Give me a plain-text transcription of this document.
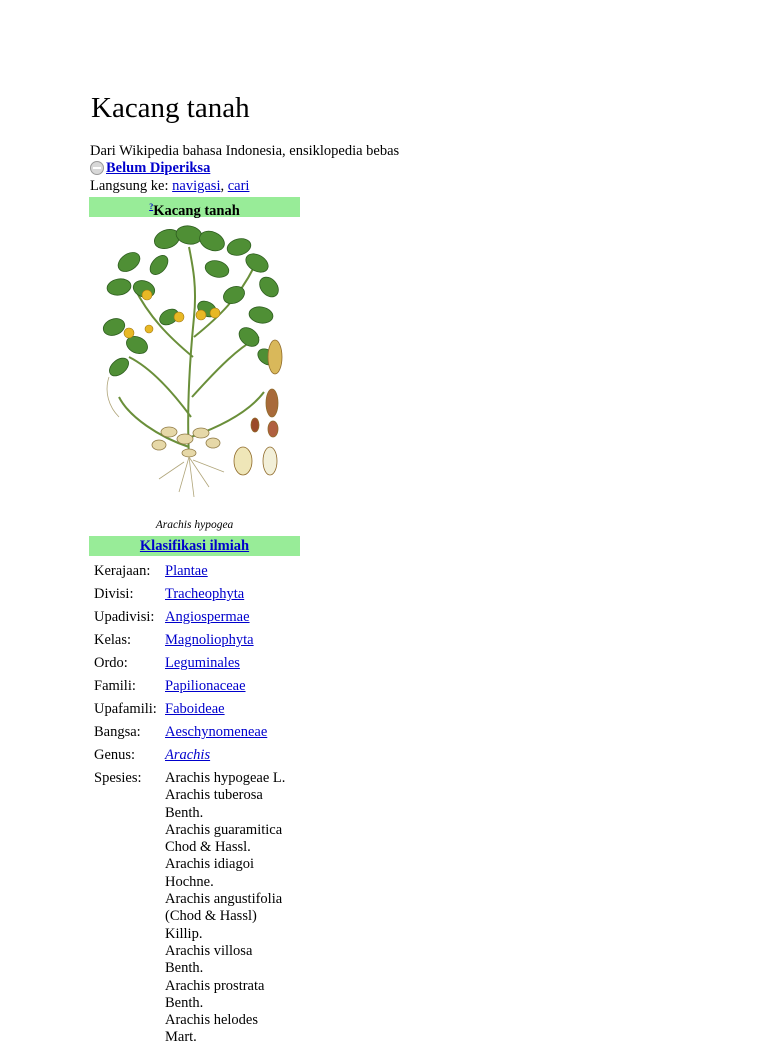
Kacang tanah
Dari Wikipedia bahasa Indonesia, ensiklopedia bebas
Belum Diperiksa
Langsung ke: navigasi, cari
?Kacang tanah
Arachis hypogea
Klasifikasi ilmiah
Kerajaan:	Plantae
Divisi:	Tracheophyta
Upadivisi: Angiospermae
Kelas:	Magnoliophyta
Ordo:	Leguminales
Famili:	Papilionaceae
Upafamili: Faboideae
Bangsa:	Aeschynomeneae
Genus:	Arachis
Spesies:	Arachis hypogeae L.
Arachis tuberosa
Benth.
Arachis guaramitica
Chod & Hassl.
Arachis idiagoi
Hochne.
Arachis angustifolia
(Chod & Hassl)
Killip.
Arachis villosa
Benth.
Arachis prostrata
Benth.
Arachis helodes
Mart.
